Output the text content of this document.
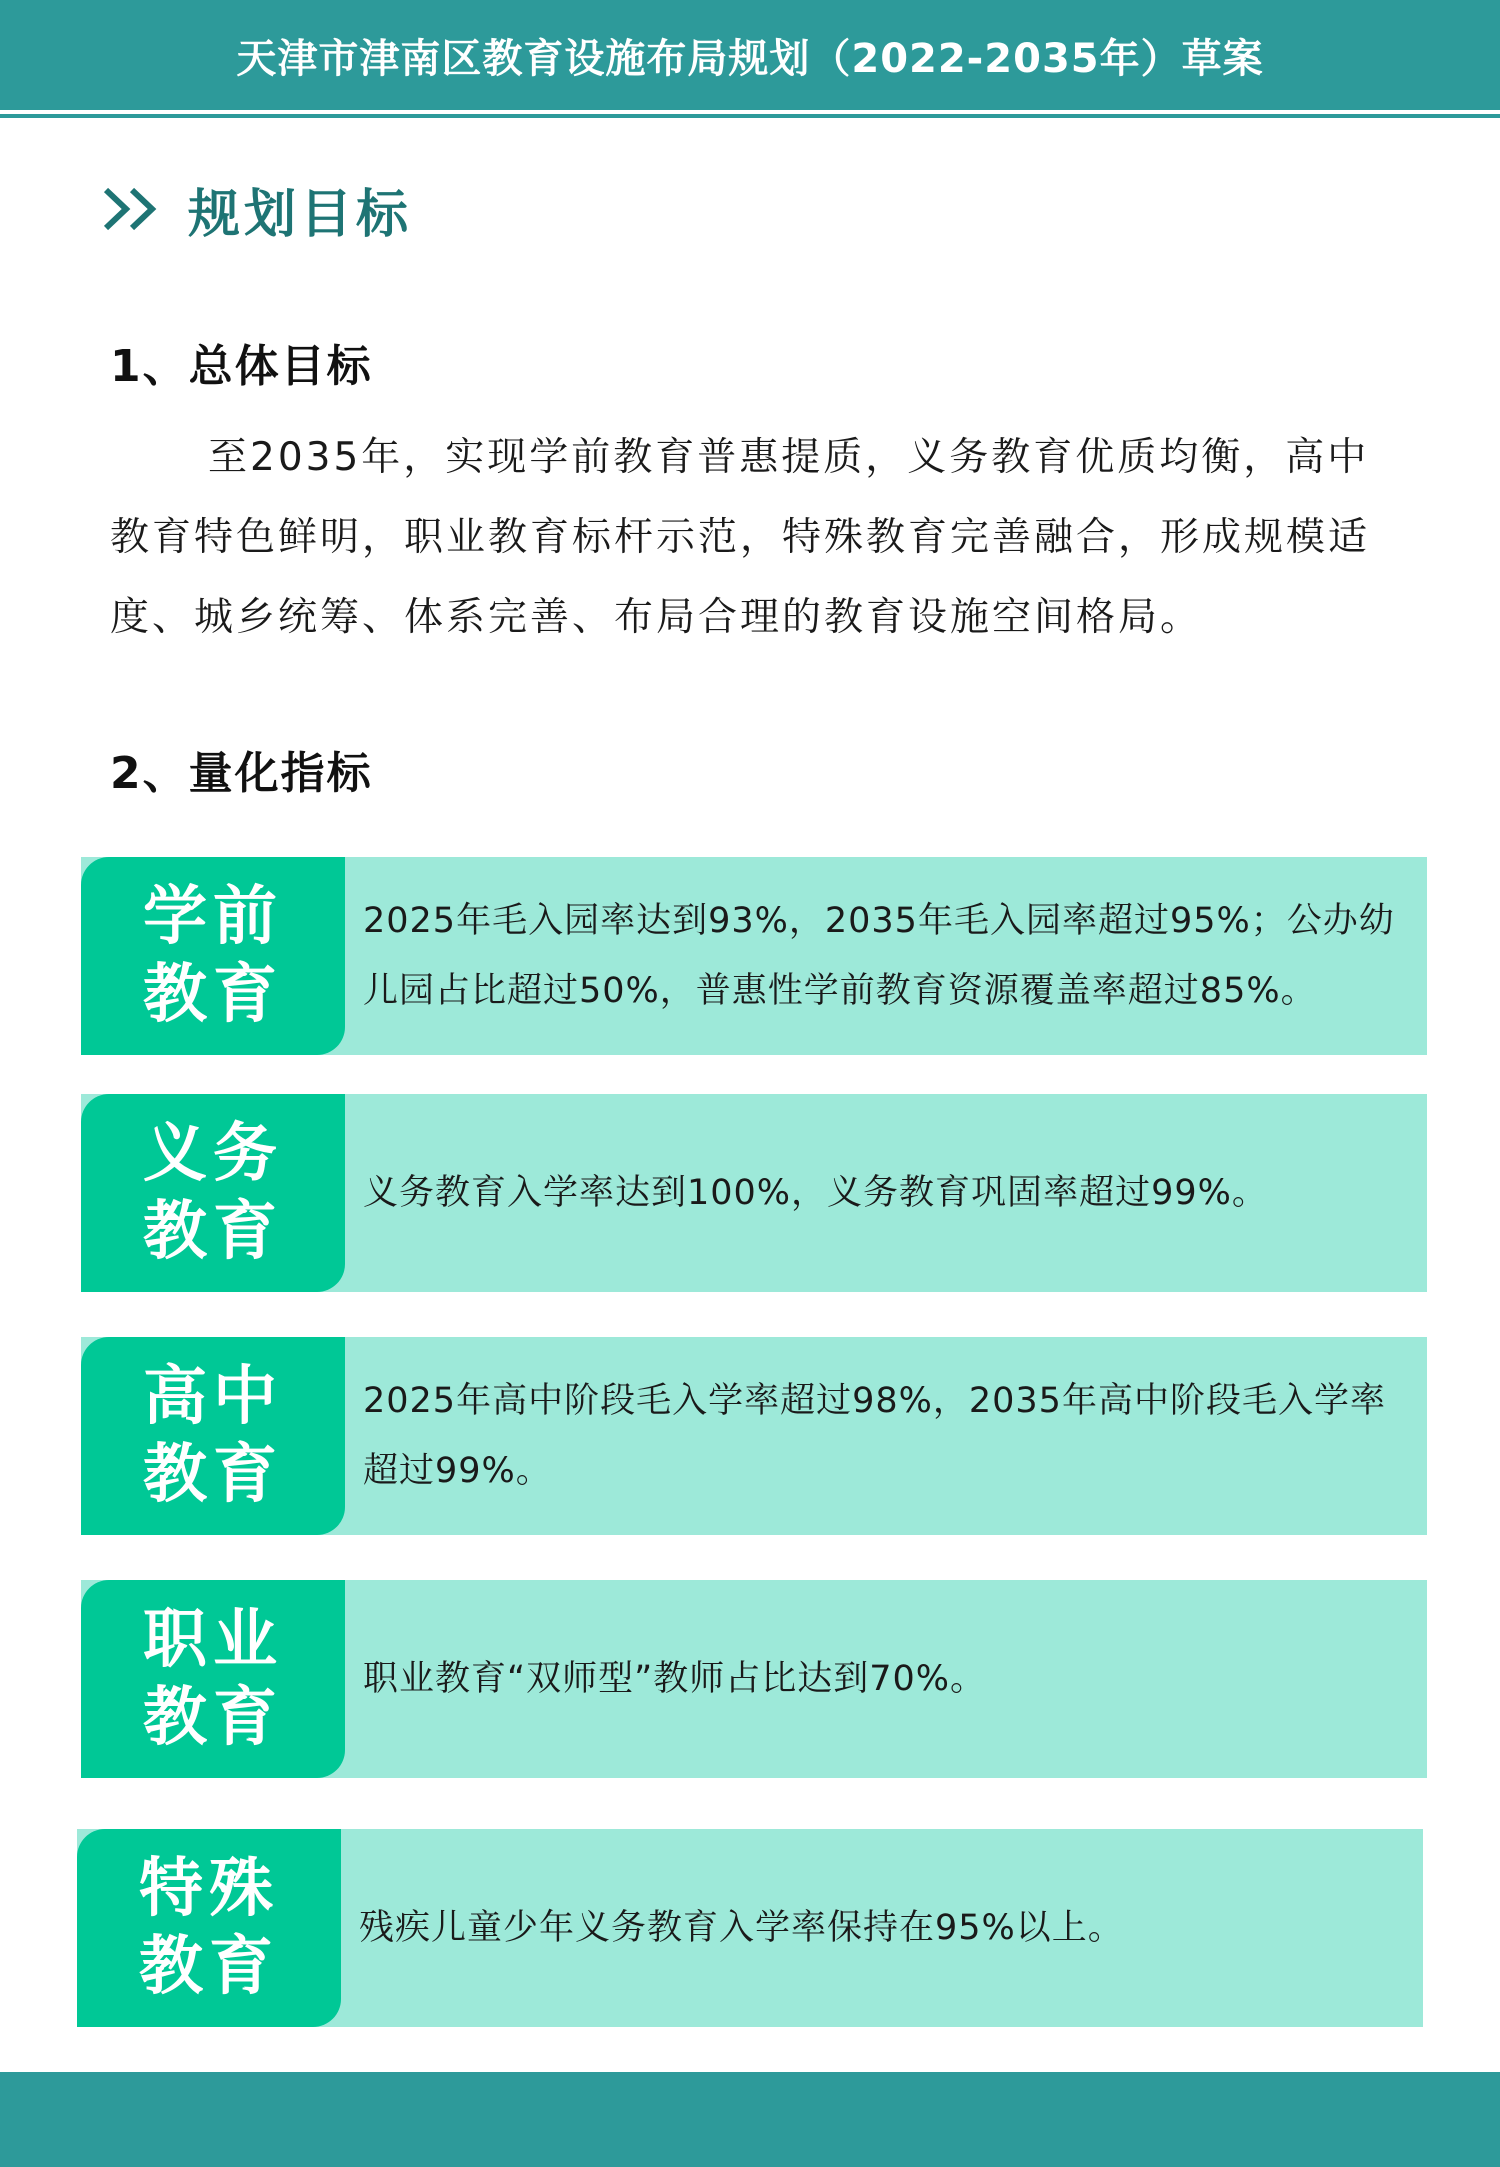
天津市津南区教育设施布局规划（2022-2035年）草案
规划目标
1、总体目标
至2035年，实现学前教育普惠提质，义务教育优质均衡，高中教育特色鲜明，职业教育标杆示范，特殊教育完善融合，形成规模适度、城乡统筹、体系完善、布局合理的教育设施空间格局。
2、量化指标
学前
教育
2025年毛入园率达到93%，2035年毛入园率超过95%；公办幼儿园占比超过50%，普惠性学前教育资源覆盖率超过85%。
义务
教育
义务教育入学率达到100%，义务教育巩固率超过99%。
高中
教育
2025年高中阶段毛入学率超过98%，2035年高中阶段毛入学率超过99%。
职业
教育
职业教育“双师型”教师占比达到70%。
特殊
教育
残疾儿童少年义务教育入学率保持在95%以上。
